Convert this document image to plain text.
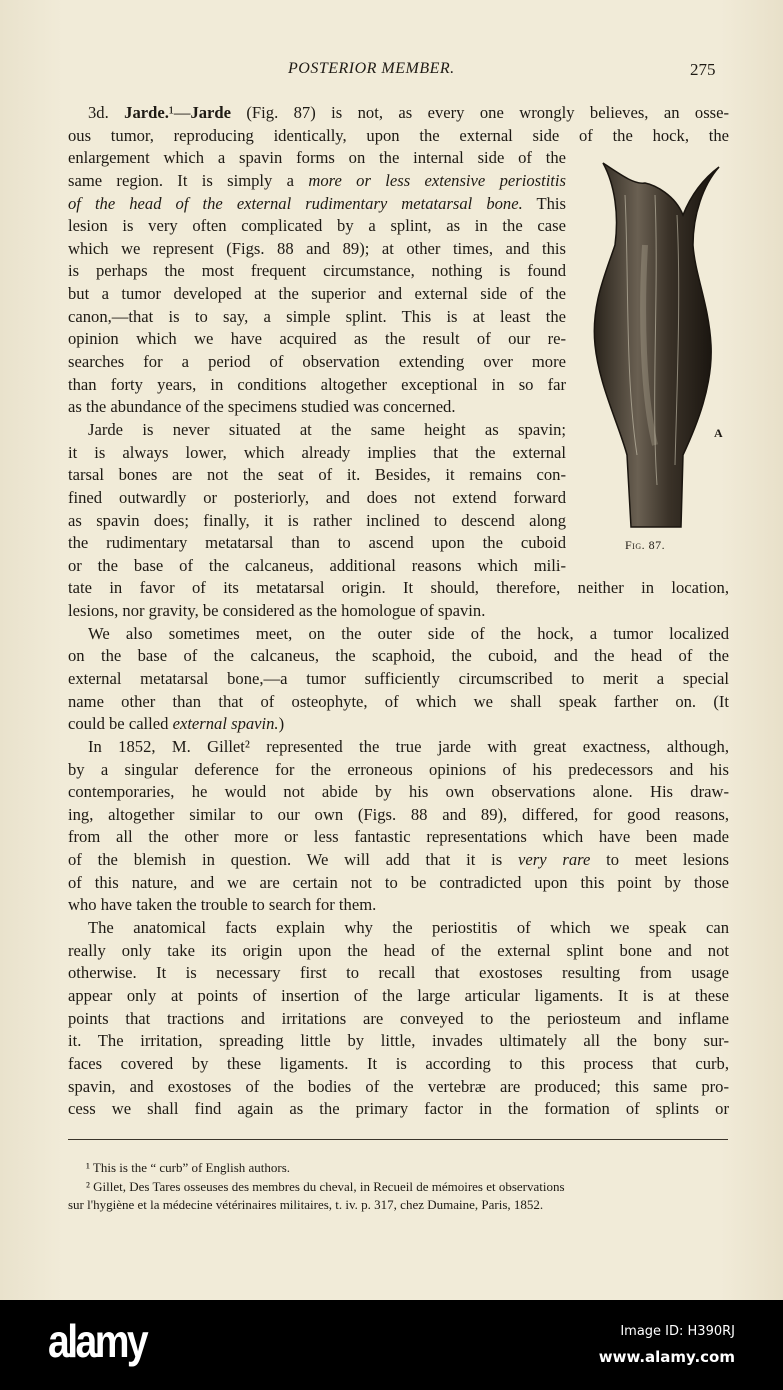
POSTERIOR MEMBER.	275
3d. Jarde.¹—Jarde (Fig. 87) is not, as every one wrongly believes, an osse-
ous tumor, reproducing identically, upon the external side of the hock, the
enlargement which a spavin forms on the internal side of the
same region. It is simply a more or less extensive periostitis
of the head of the external rudimentary metatarsal bone. This
lesion is very often complicated by a splint, as in the case
which we represent (Figs. 88 and 89); at other times, and this
is perhaps the most frequent circumstance, nothing is found
but a tumor developed at the superior and external side of the
canon,—that is to say, a simple splint. This is at least the
opinion which we have acquired as the result of our re-
searches for a period of observation extending over more
than forty years, in conditions altogether exceptional in so far
as the abundance of the specimens studied was concerned.
Jarde is never situated at the same height as spavin;
it is always lower, which already implies that the external
tarsal bones are not the seat of it. Besides, it remains con-
fined outwardly or posteriorly, and does not extend forward
as spavin does; finally, it is rather inclined to descend along
the rudimentary metatarsal than to ascend upon the cuboid
or the base of the calcaneus, additional reasons which mili-
tate in favor of its metatarsal origin. It should, therefore, neither in location,
lesions, nor gravity, be considered as the homologue of spavin.
We also sometimes meet, on the outer side of the hock, a tumor localized
on the base of the calcaneus, the scaphoid, the cuboid, and the head of the
external metatarsal bone,—a tumor sufficiently circumscribed to merit a special
name other than that of osteophyte, of which we shall speak farther on. (It
could be called external spavin.)
In 1852, M. Gillet² represented the true jarde with great exactness, although,
by a singular deference for the erroneous opinions of his predecessors and his
contemporaries, he would not abide by his own observations alone. His draw-
ing, altogether similar to our own (Figs. 88 and 89), differed, for good reasons,
from all the other more or less fantastic representations which have been made
of the blemish in question. We will add that it is very rare to meet lesions
of this nature, and we are certain not to be contradicted upon this point by those
who have taken the trouble to search for them.
The anatomical facts explain why the periostitis of which we speak can
really only take its origin upon the head of the external splint bone and not
otherwise. It is necessary first to recall that exostoses resulting from usage
appear only at points of insertion of the large articular ligaments. It is at these
points that tractions and irritations are conveyed to the periosteum and inflame
it. The irritation, spreading little by little, invades ultimately all the bony sur-
faces covered by these ligaments. It is according to this process that curb,
spavin, and exostoses of the bodies of the vertebræ are produced; this same pro-
cess we shall find again as the primary factor in the formation of splints or
A
Fig. 87.
¹ This is the “ curb” of English authors.
² Gillet, Des Tares osseuses des membres du cheval, in Recueil de mémoires et observations
sur l'hygiène et la médecine vétérinaires militaires, t. iv. p. 317, chez Dumaine, Paris, 1852.
alamy	Image ID: H390RJ
www.alamy.com
